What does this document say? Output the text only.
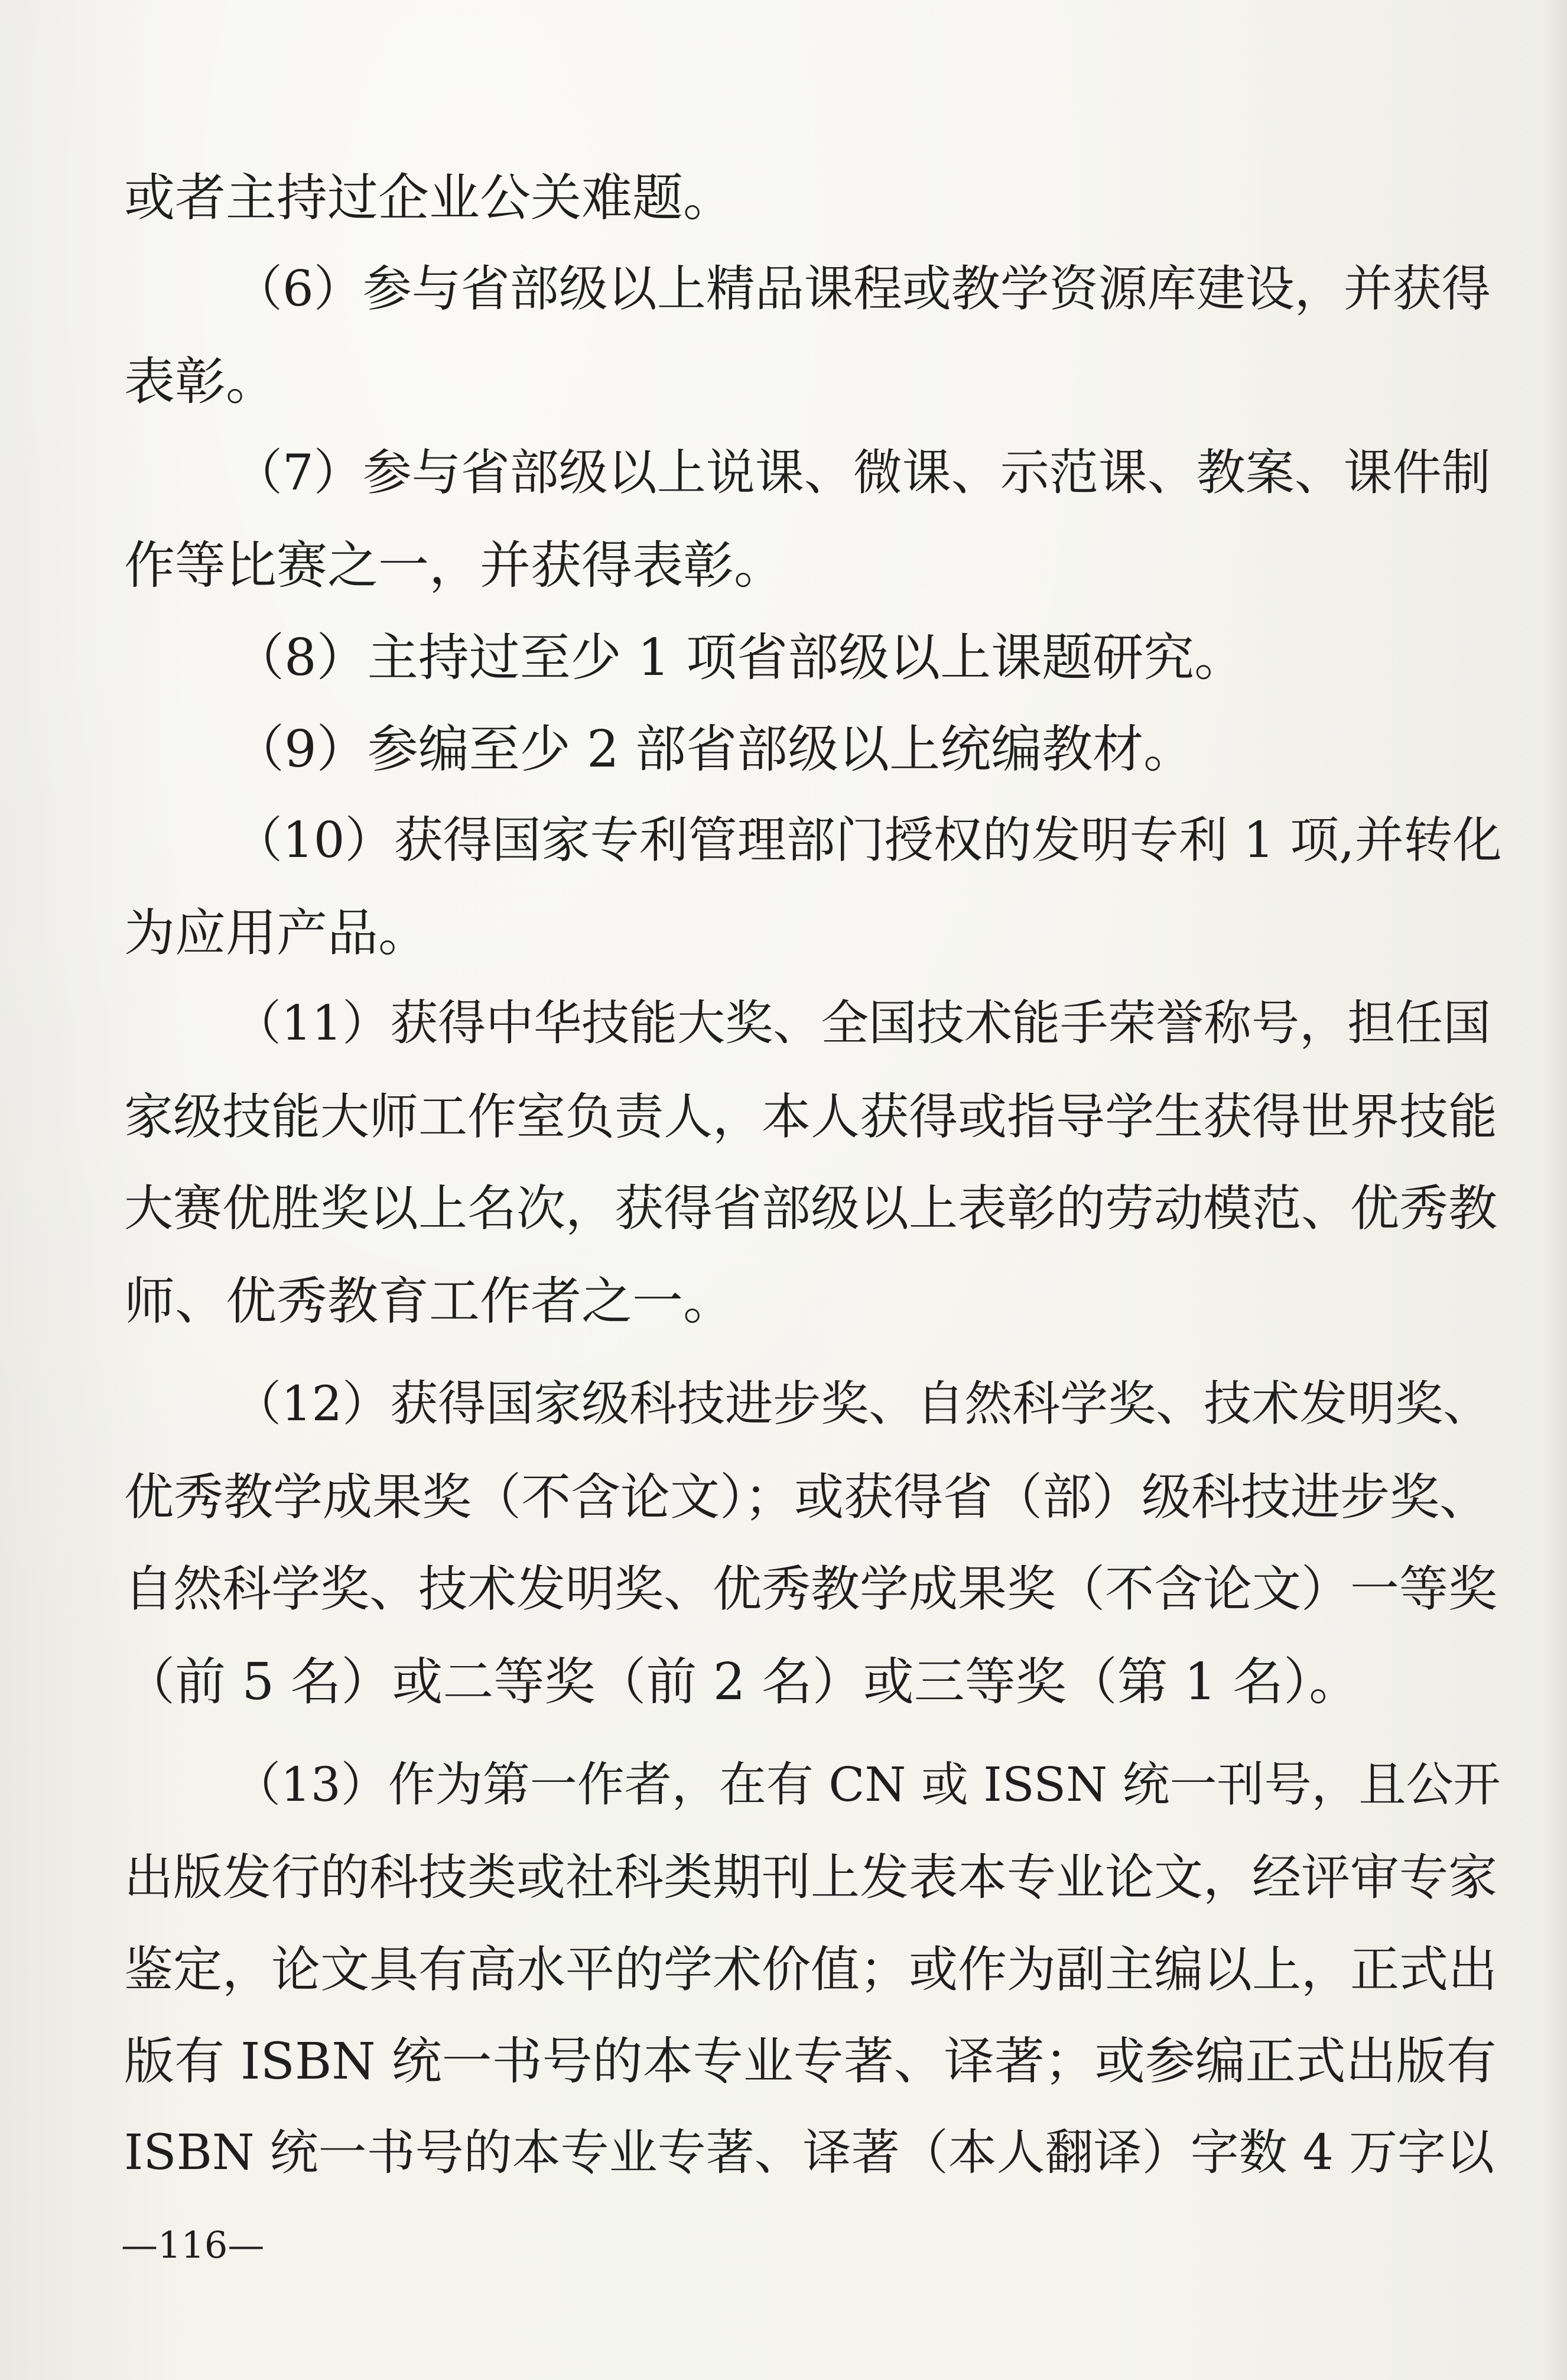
或者主持过企业公关难题。
（6）参与省部级以上精品课程或教学资源库建设，并获得
表彰。
（7）参与省部级以上说课、微课、示范课、教案、课件制
作等比赛之一，并获得表彰。
（8）主持过至少 1 项省部级以上课题研究。
（9）参编至少 2 部省部级以上统编教材。
（10）获得国家专利管理部门授权的发明专利 1 项,并转化
为应用产品。
（11）获得中华技能大奖、全国技术能手荣誉称号，担任国
家级技能大师工作室负责人，本人获得或指导学生获得世界技能
大赛优胜奖以上名次，获得省部级以上表彰的劳动模范、优秀教
师、优秀教育工作者之一。
（12）获得国家级科技进步奖、自然科学奖、技术发明奖、
优秀教学成果奖（不含论文）；或获得省（部）级科技进步奖、
自然科学奖、技术发明奖、优秀教学成果奖（不含论文）一等奖
（前 5 名）或二等奖（前 2 名）或三等奖（第 1 名）。
（13）作为第一作者，在有 CN 或 ISSN 统一刊号，且公开
出版发行的科技类或社科类期刊上发表本专业论文，经评审专家
鉴定，论文具有高水平的学术价值；或作为副主编以上，正式出
版有 ISBN 统一书号的本专业专著、译著；或参编正式出版有
ISBN 统一书号的本专业专著、译著（本人翻译）字数 4 万字以
—116—
